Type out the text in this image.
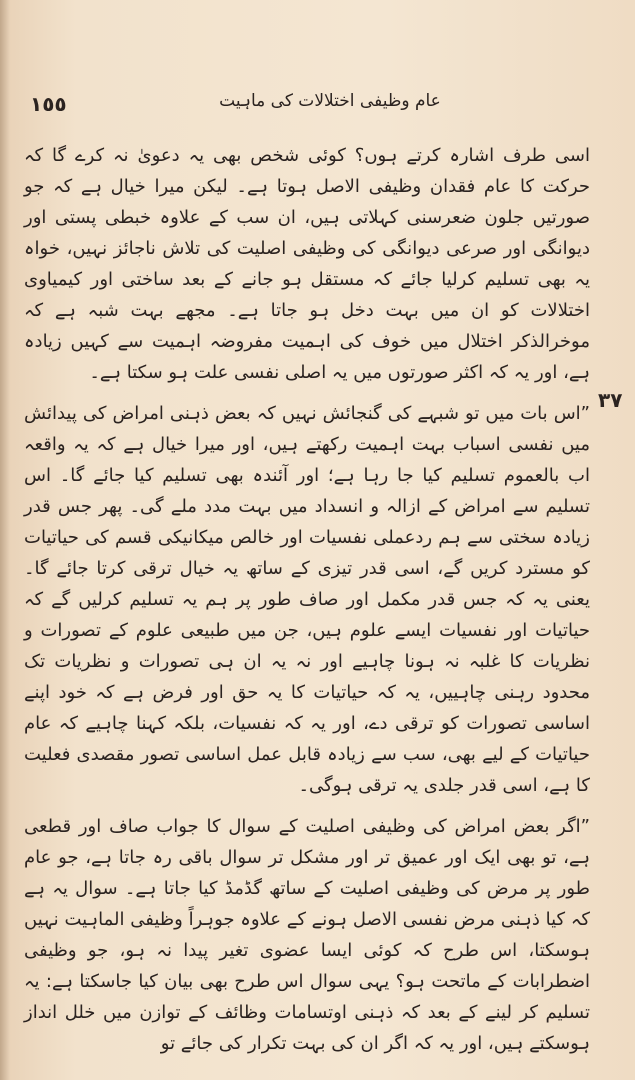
١٥٥	عام وظیفی اختلالات کی ماہیت
٣٧

اسی طرف اشارہ کرتے ہوں؟ کوئی شخص بھی یہ دعویٰ نہ کرے گا کہ حرکت کا عام فقدان وظیفی الاصل ہوتا ہے۔ لیکن میرا خیال ہے کہ جو صورتیں جلون ضعرسنی کہلاتی ہیں، ان سب کے علاوہ خبطی پستی اور دیوانگی اور صرعی دیوانگی کی وظیفی اصلیت کی تلاش ناجائز نہیں، خواہ یہ بھی تسلیم کرلیا جائے کہ مستقل ہو جانے کے بعد ساختی اور کیمیاوی اختلالات کو ان میں بہت دخل ہو جاتا ہے۔ مجھے بہت شبہ ہے کہ موخرالذکر اختلال میں خوف کی اہمیت مفروضہ اہمیت سے کہیں زیادہ ہے، اور یہ کہ اکثر صورتوں میں یہ اصلی نفسی علت ہو سکتا ہے۔

”اس بات میں تو شبہے کی گنجائش نہیں کہ بعض ذہنی امراض کی پیدائش میں نفسی اسباب بہت اہمیت رکھتے ہیں، اور میرا خیال ہے کہ یہ واقعہ اب بالعموم تسلیم کیا جا رہا ہے؛ اور آئندہ بھی تسلیم کیا جائے گا۔ اس تسلیم سے امراض کے ازالہ و انسداد میں بہت مدد ملے گی۔ پھر جس قدر زیادہ سختی سے ہم ردعملی نفسیات اور خالص میکانیکی قسم کی حیاتیات کو مسترد کریں گے، اسی قدر تیزی کے ساتھ یہ خیال ترقی کرتا جائے گا۔ یعنی یہ کہ جس قدر مکمل اور صاف طور پر ہم یہ تسلیم کرلیں گے کہ حیاتیات اور نفسیات ایسے علوم ہیں، جن میں طبیعی علوم کے تصورات و نظریات کا غلبہ نہ ہونا چاہیے اور نہ یہ ان ہی تصورات و نظریات تک محدود رہنی چاہییں، یہ کہ حیاتیات کا یہ حق اور فرض ہے کہ خود اپنے اساسی تصورات کو ترقی دے، اور یہ کہ نفسیات، بلکہ کہنا چاہیے کہ عام حیاتیات کے لیے بھی، سب سے زیادہ قابل عمل اساسی تصور مقصدی فعلیت کا ہے، اسی قدر جلدی یہ ترقی ہوگی۔

”اگر بعض امراض کی وظیفی اصلیت کے سوال کا جواب صاف اور قطعی ہے، تو بھی ایک اور عمیق تر اور مشکل تر سوال باقی رہ جاتا ہے، جو عام طور پر مرض کی وظیفی اصلیت کے ساتھ گڈمڈ کیا جاتا ہے۔ سوال یہ ہے کہ کیا ذہنی مرض نفسی الاصل ہونے کے علاوہ جوہراً وظیفی الماہیت نہیں ہوسکتا، اس طرح کہ کوئی ایسا عضوی تغیر پیدا نہ ہو، جو وظیفی اضطرابات کے ماتحت ہو؟ یہی سوال اس طرح بھی بیان کیا جاسکتا ہے: یہ تسلیم کر لینے کے بعد کہ ذہنی اوتسامات وظائف کے توازن میں خلل انداز ہوسکتے ہیں، اور یہ کہ اگر ان کی بہت تکرار کی جائے تو
